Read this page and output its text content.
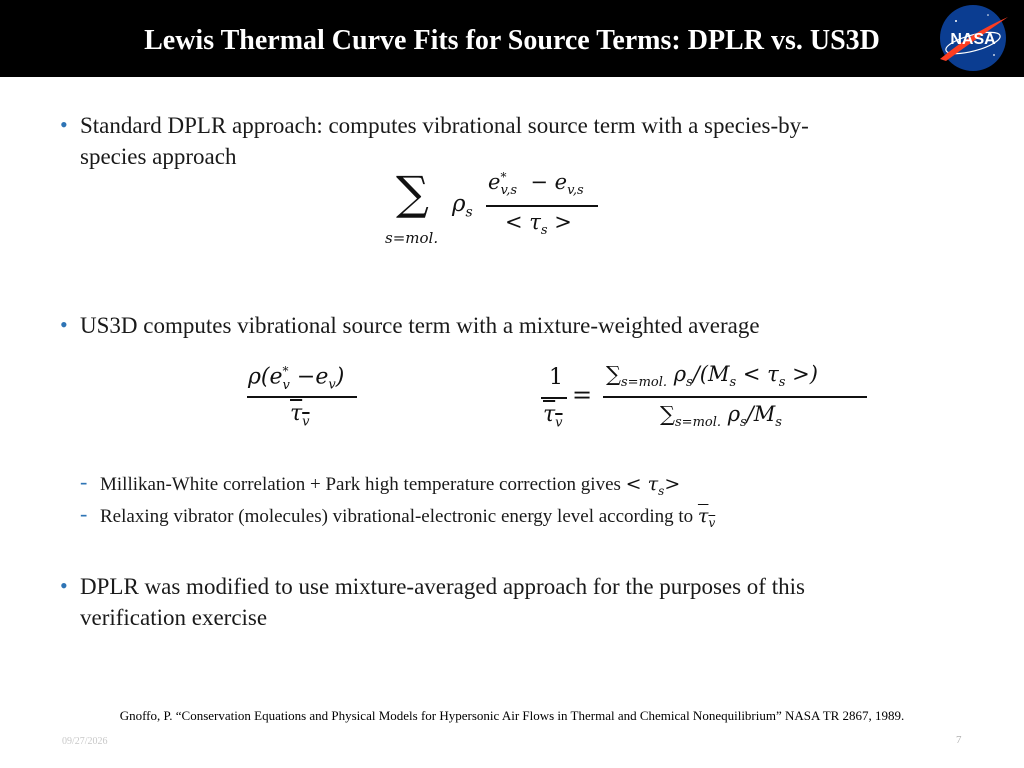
Lewis Thermal Curve Fits for Source Terms: DPLR vs. US3D	NASA
• Standard DPLR approach: computes vibrational source term with a species-by-
species approach
∑
s=mol.
$\rho_s$
$e^*_{v,s} - e_{v,s}$
< $\tau_s$ >
• US3D computes vibrational source term with a mixture-weighted average
$\rho(e^*_v -e_v)$
$\tau_v$
1
$\tau_v$
=
$\sum_{s=mol.}$ $\rho_s/(M_s < \tau_s$ >)
$\sum_{s=mol.}$ $\rho_s/M_s$
- Millikan-White correlation + Park high temperature correction gives < $\tau_s>$
- Relaxing vibrator (molecules) vibrational-electronic energy level according to $\tau_v$
• DPLR was modified to use mixture-averaged approach for the purposes of this
verification exercise
Gnoffo, P. “Conservation Equations and Physical Models for Hypersonic Air Flows in Thermal and Chemical Nonequilibrium” NASA TR 2867, 1989.
09/27/2026	7
